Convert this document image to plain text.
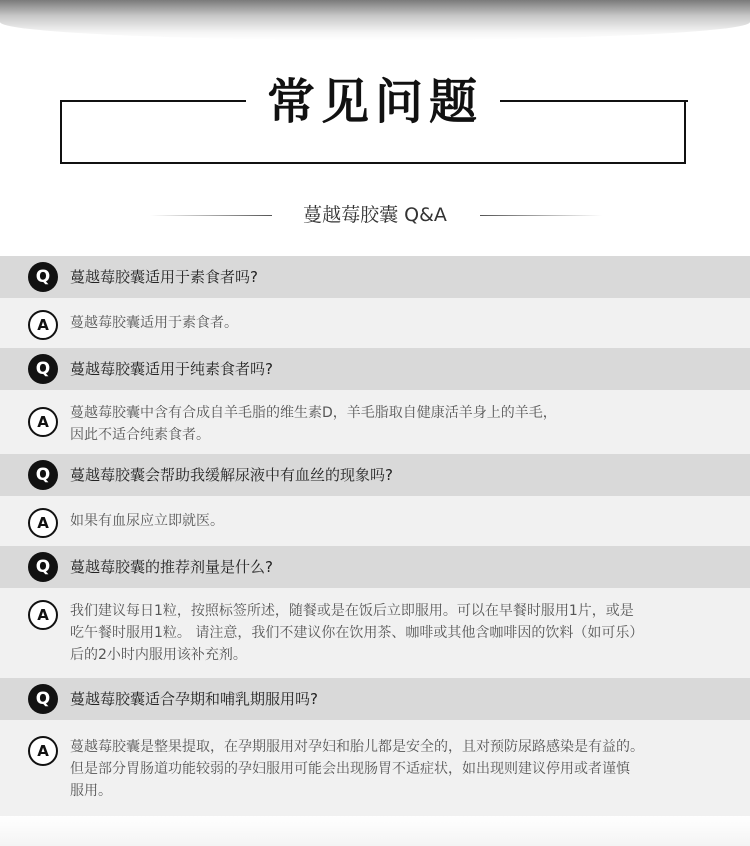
常见问题
蔓越莓胶囊 Q&A
Q	蔓越莓胶囊适用于素食者吗?
A	蔓越莓胶囊适用于素食者。
Q	蔓越莓胶囊适用于纯素食者吗?
A	蔓越莓胶囊中含有合成自羊毛脂的维生素D，羊毛脂取自健康活羊身上的羊毛，
因此不适合纯素食者。
Q	蔓越莓胶囊会帮助我缓解尿液中有血丝的现象吗?
A	如果有血尿应立即就医。
Q	蔓越莓胶囊的推荐剂量是什么?
A	我们建议每日1粒，按照标签所述，随餐或是在饭后立即服用。可以在早餐时服用1片，或是
吃午餐时服用1粒。 请注意，我们不建议你在饮用茶、咖啡或其他含咖啡因的饮料（如可乐）
后的2小时内服用该补充剂。
Q	蔓越莓胶囊适合孕期和哺乳期服用吗?
A	蔓越莓胶囊是整果提取，在孕期服用对孕妇和胎儿都是安全的，且对预防尿路感染是有益的。
但是部分胃肠道功能较弱的孕妇服用可能会出现肠胃不适症状，如出现则建议停用或者谨慎
服用。
